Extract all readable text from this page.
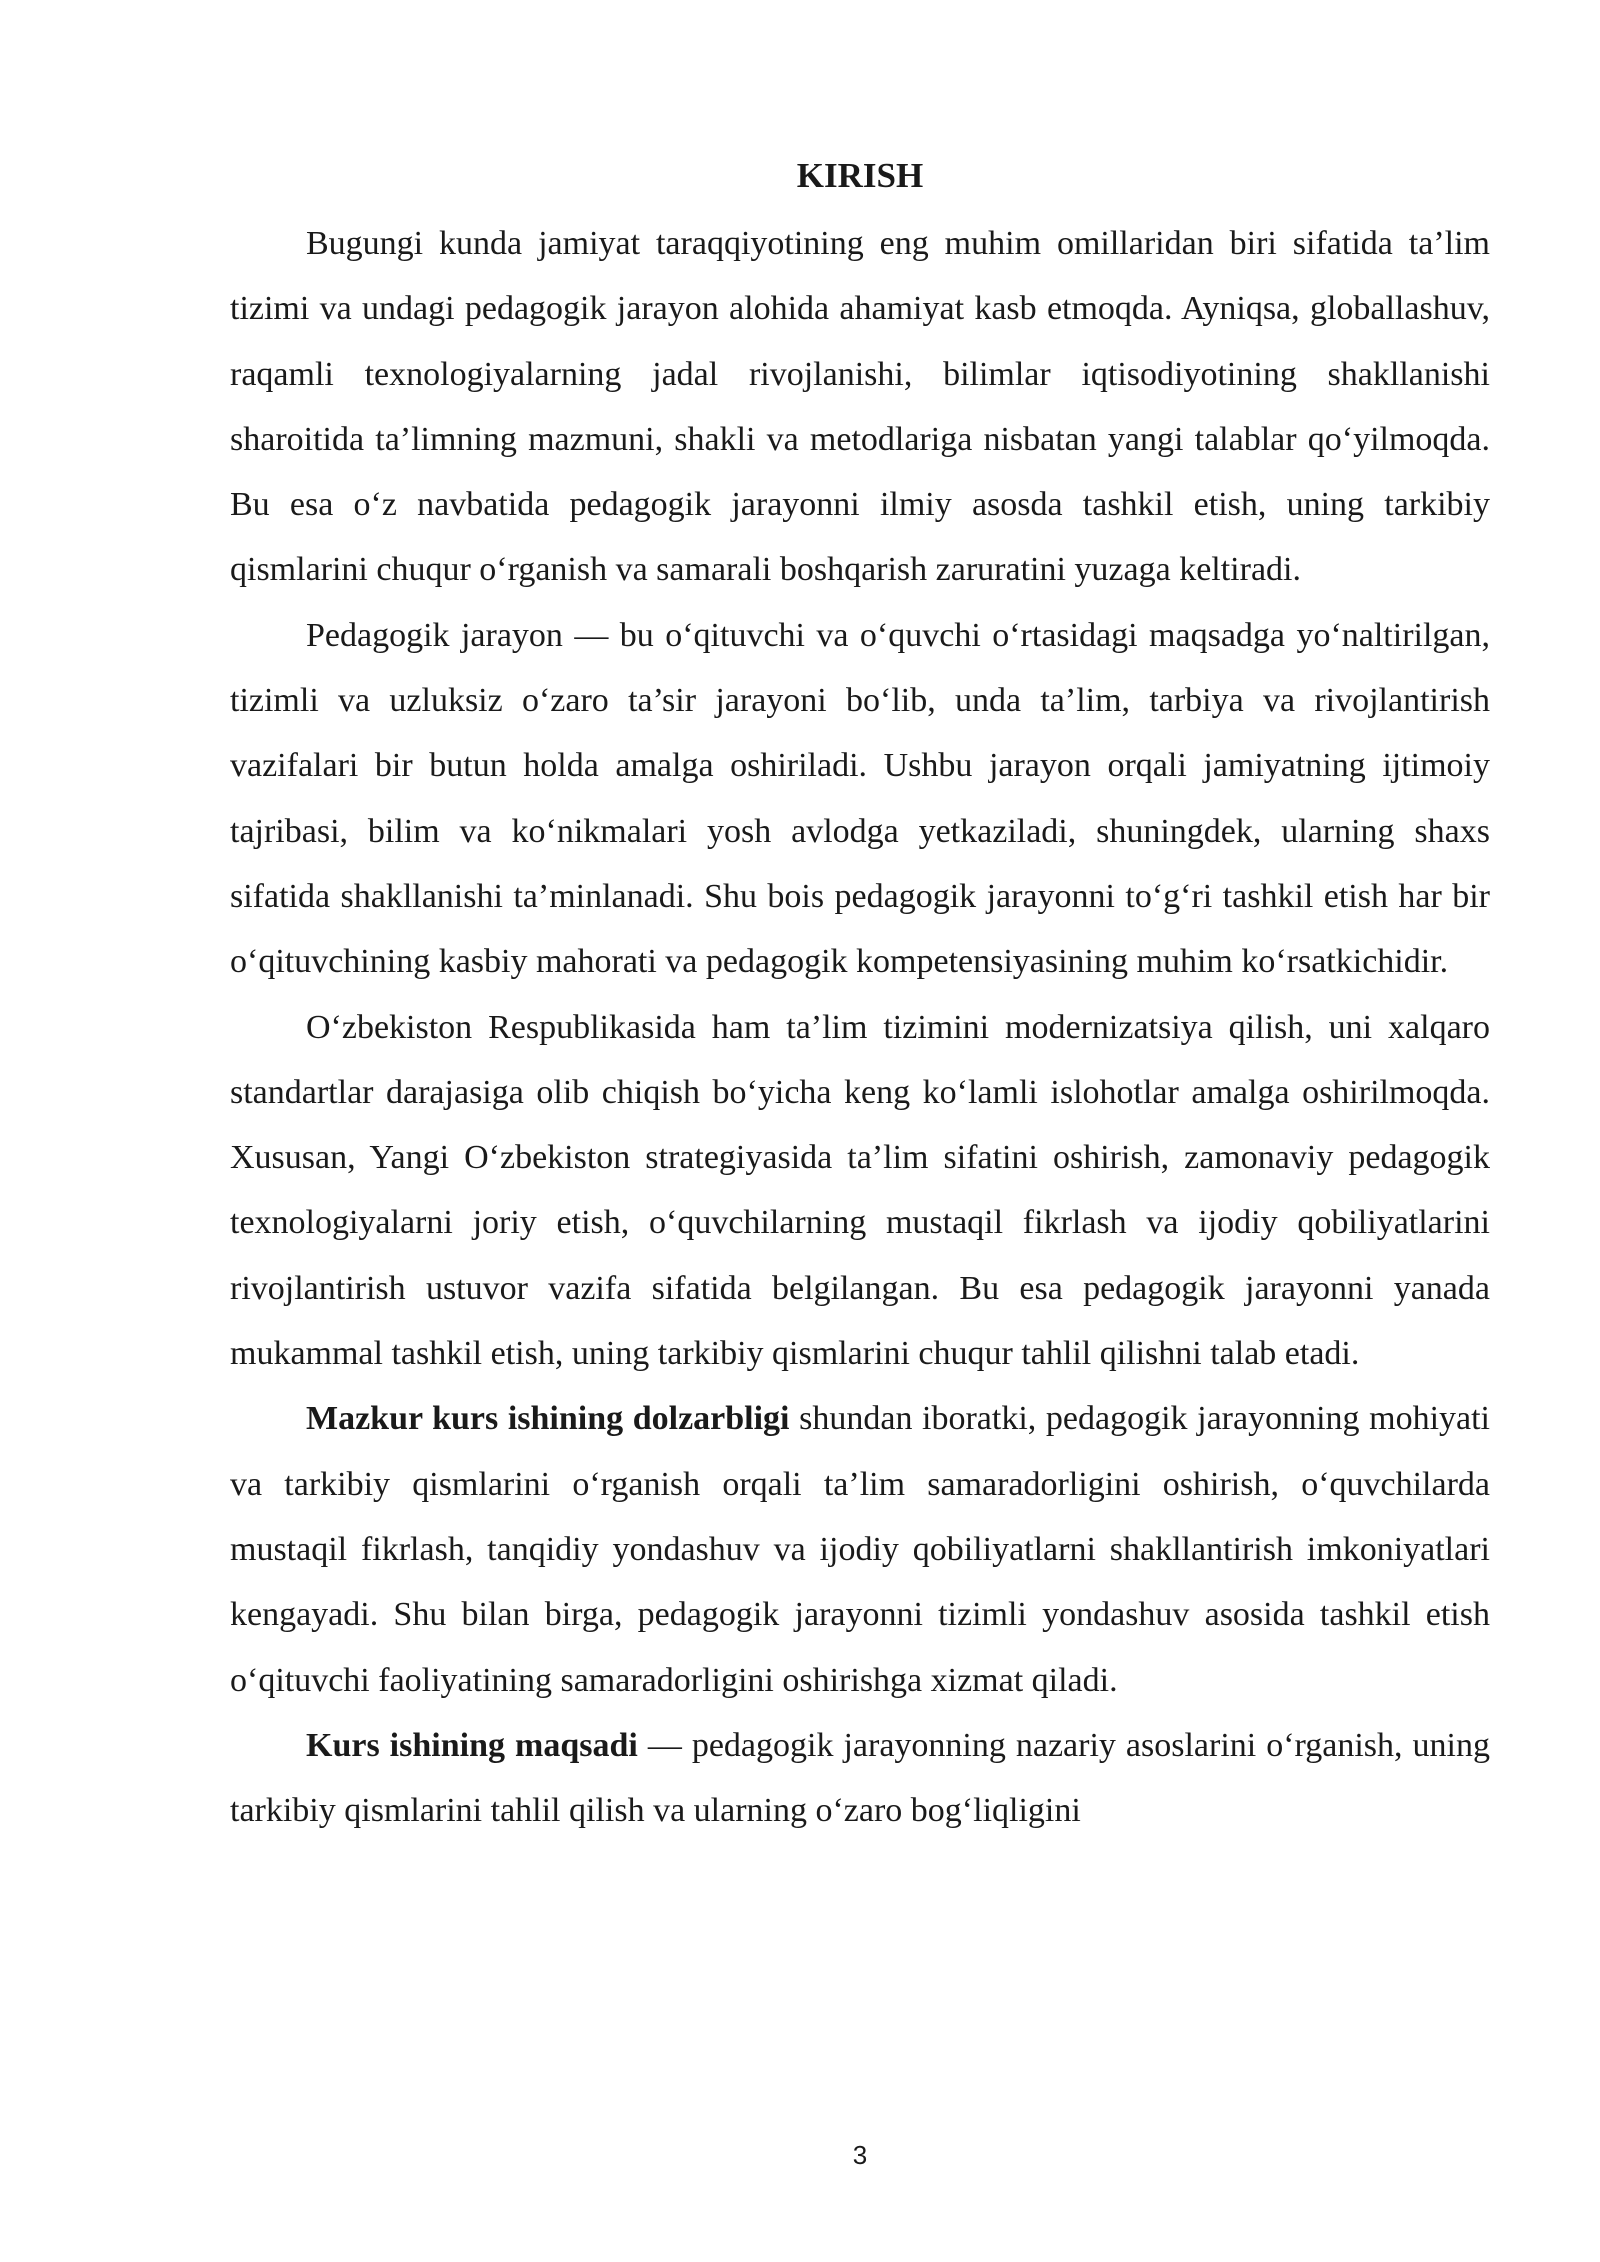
KIRISH

Bugungi kunda jamiyat taraqqiyotining eng muhim omillaridan biri sifatida ta’lim tizimi va undagi pedagogik jarayon alohida ahamiyat kasb etmoqda. Ayniqsa, globallashuv, raqamli texnologiyalarning jadal rivojlanishi, bilimlar iqtisodiyotining shakllanishi sharoitida ta’limning mazmuni, shakli va metodlariga nisbatan yangi talablar qo‘yilmoqda. Bu esa o‘z navbatida pedagogik jarayonni ilmiy asosda tashkil etish, uning tarkibiy qismlarini chuqur o‘rganish va samarali boshqarish zaruratini yuzaga keltiradi.

Pedagogik jarayon — bu o‘qituvchi va o‘quvchi o‘rtasidagi maqsadga yo‘naltirilgan, tizimli va uzluksiz o‘zaro ta’sir jarayoni bo‘lib, unda ta’lim, tarbiya va rivojlantirish vazifalari bir butun holda amalga oshiriladi. Ushbu jarayon orqali jamiyatning ijtimoiy tajribasi, bilim va ko‘nikmalari yosh avlodga yetkaziladi, shuningdek, ularning shaxs sifatida shakllanishi ta’minlanadi. Shu bois pedagogik jarayonni to‘g‘ri tashkil etish har bir o‘qituvchining kasbiy mahorati va pedagogik kompetensiyasining muhim ko‘rsatkichidir.

O‘zbekiston Respublikasida ham ta’lim tizimini modernizatsiya qilish, uni xalqaro standartlar darajasiga olib chiqish bo‘yicha keng ko‘lamli islohotlar amalga oshirilmoqda. Xususan, Yangi O‘zbekiston strategiyasida ta’lim sifatini oshirish, zamonaviy pedagogik texnologiyalarni joriy etish, o‘quvchilarning mustaqil fikrlash va ijodiy qobiliyatlarini rivojlantirish ustuvor vazifa sifatida belgilangan. Bu esa pedagogik jarayonni yanada mukammal tashkil etish, uning tarkibiy qismlarini chuqur tahlil qilishni talab etadi.

Mazkur kurs ishining dolzarbligi shundan iboratki, pedagogik jarayonning mohiyati va tarkibiy qismlarini o‘rganish orqali ta’lim samaradorligini oshirish, o‘quvchilarda mustaqil fikrlash, tanqidiy yondashuv va ijodiy qobiliyatlarni shakllantirish imkoniyatlari kengayadi. Shu bilan birga, pedagogik jarayonni tizimli yondashuv asosida tashkil etish o‘qituvchi faoliyatining samaradorligini oshirishga xizmat qiladi.

Kurs ishining maqsadi — pedagogik jarayonning nazariy asoslarini o‘rganish, uning tarkibiy qismlarini tahlil qilish va ularning o‘zaro bog‘liqligini

3
